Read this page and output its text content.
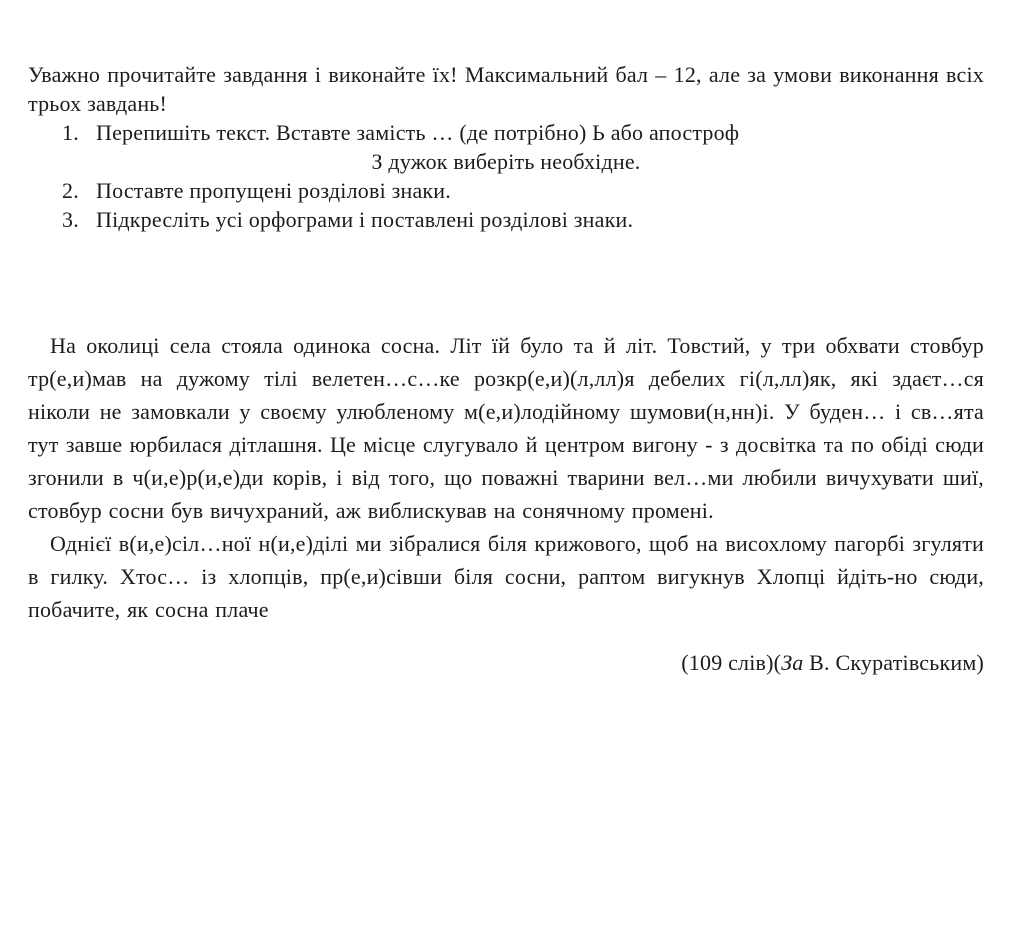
Уважно прочитайте завдання і виконайте їх! Максимальний бал – 12, але за умови виконання всіх трьох завдань!

1. Перепишіть текст. Вставте замість … (де потрібно) Ь або апостроф
З дужок виберіть необхідне.
2. Поставте пропущені розділові знаки.
3. Підкресліть усі орфограми і поставлені розділові знаки.

На околиці села стояла одинока сосна. Літ їй було та й літ. Товстий, у три обхвати стовбур тр(е,и)мав на дужому тілі велетен…с…ке розкр(е,и)(л,лл)я дебелих гі(л,лл)як, які здаєт…ся ніколи не замовкали у своєму улюбленому м(е,и)лодійному шумови(н,нн)і. У буден… і св…ята тут завше юрбилася дітлашня. Це місце слугувало й центром вигону - з досвітка та по обіді сюди згонили в ч(и,е)р(и,е)ди корів, і від того, що поважні тварини вел…ми любили вичухувати шиї, стовбур сосни був вичухраний, аж виблискував на сонячному промені.

Однієї в(и,е)сіл…ної н(и,е)ділі ми зібралися біля крижового, щоб на висохлому пагорбі згуляти в гилку. Хтос… із хлопців, пр(е,и)сівши біля сосни, раптом вигукнув Хлопці йдіть-но сюди, побачите, як сосна плаче

(109 слів)(За В. Скуратівським)
